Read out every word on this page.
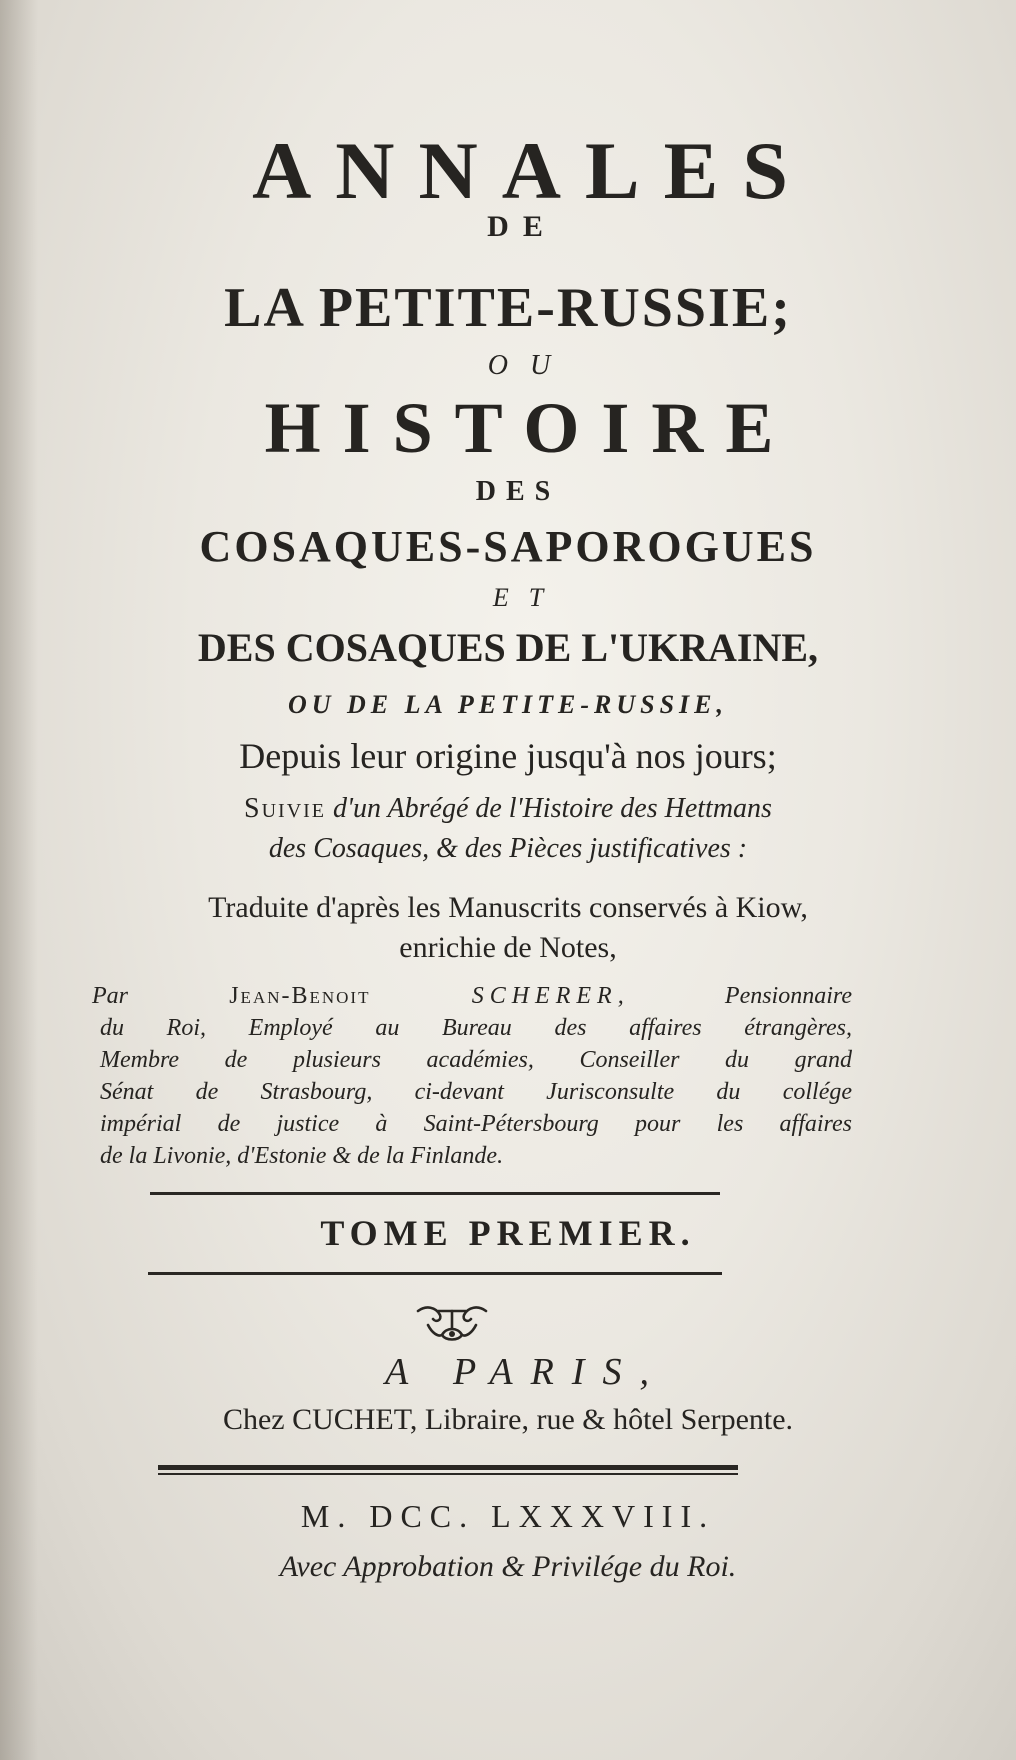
ANNALES
DE
LA PETITE-RUSSIE;
OU
HISTOIRE
DES
COSAQUES-SAPOROGUES
ET
DES COSAQUES DE L'UKRAINE,
OU DE LA PETITE-RUSSIE,
Depuis leur origine jusqu'à nos jours;
Suivie d'un Abrégé de l'Histoire des Hettmans
des Cosaques, & des Pièces justificatives :
Traduite d'après les Manuscrits conservés à Kiow,
enrichie de Notes,
Par	Jean-Benoit	SCHERER, Pensionnaire
du Roi, Employé au Bureau des affaires étrangères,
Membre de plusieurs académies, Conseiller du grand
Sénat de Strasbourg, ci-devant Jurisconsulte du collége
impérial de justice à Saint-Pétersbourg pour les affaires
de la Livonie, d'Estonie & de la Finlande.
TOME PREMIER.
A PARIS,
Chez CUCHET, Libraire, rue & hôtel Serpente.
M. DCC. LXXXVIII.
Avec Approbation & Privilége du Roi.
